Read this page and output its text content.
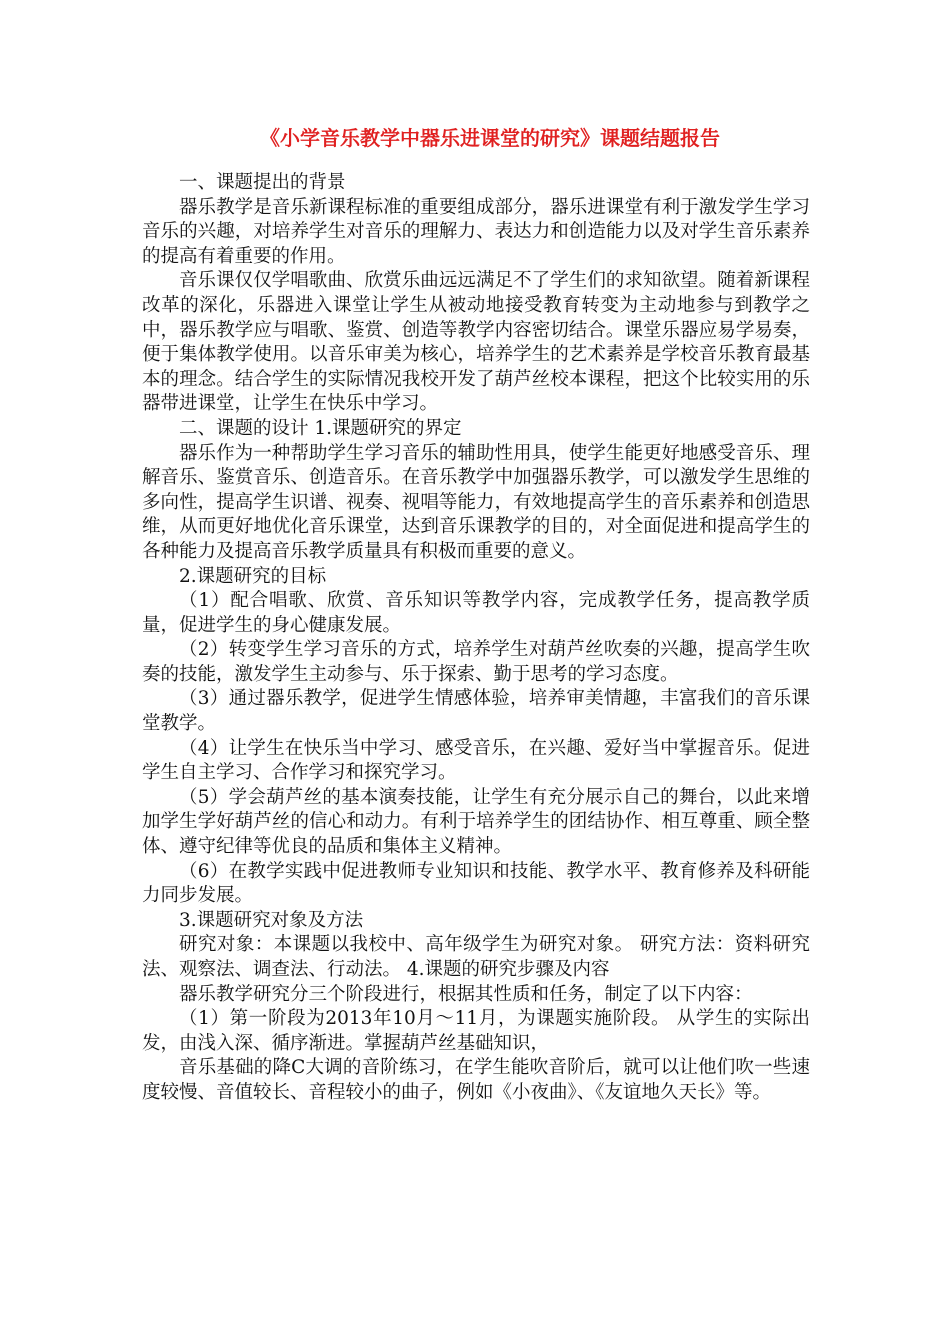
《小学音乐教学中器乐进课堂的研究》课题结题报告

一、课题提出的背景

器乐教学是音乐新课程标准的重要组成部分，器乐进课堂有利于激发学生学习音乐的兴趣，对培养学生对音乐的理解力、表达力和创造能力以及对学生音乐素养的提高有着重要的作用。

音乐课仅仅学唱歌曲、欣赏乐曲远远满足不了学生们的求知欲望。随着新课程改革的深化，乐器进入课堂让学生从被动地接受教育转变为主动地参与到教学之中，器乐教学应与唱歌、鉴赏、创造等教学内容密切结合。课堂乐器应易学易奏，便于集体教学使用。以音乐审美为核心，培养学生的艺术素养是学校音乐教育最基本的理念。结合学生的实际情况我校开发了葫芦丝校本课程，把这个比较实用的乐器带进课堂，让学生在快乐中学习。

二、课题的设计 1.课题研究的界定

器乐作为一种帮助学生学习音乐的辅助性用具，使学生能更好地感受音乐、理解音乐、鉴赏音乐、创造音乐。在音乐教学中加强器乐教学，可以激发学生思维的多向性，提高学生识谱、视奏、视唱等能力，有效地提高学生的音乐素养和创造思维，从而更好地优化音乐课堂，达到音乐课教学的目的，对全面促进和提高学生的各种能力及提高音乐教学质量具有积极而重要的意义。

2.课题研究的目标

（1）配合唱歌、欣赏、音乐知识等教学内容，完成教学任务，提高教学质量，促进学生的身心健康发展。

（2）转变学生学习音乐的方式，培养学生对葫芦丝吹奏的兴趣，提高学生吹奏的技能，激发学生主动参与、乐于探索、勤于思考的学习态度。

（3）通过器乐教学，促进学生情感体验，培养审美情趣，丰富我们的音乐课堂教学。

（4）让学生在快乐当中学习、感受音乐，在兴趣、爱好当中掌握音乐。促进学生自主学习、合作学习和探究学习。

（5）学会葫芦丝的基本演奏技能，让学生有充分展示自己的舞台，以此来增加学生学好葫芦丝的信心和动力。有利于培养学生的团结协作、相互尊重、顾全整体、遵守纪律等优良的品质和集体主义精神。

（6）在教学实践中促进教师专业知识和技能、教学水平、教育修养及科研能力同步发展。

3.课题研究对象及方法

研究对象：本课题以我校中、高年级学生为研究对象。 研究方法：资料研究法、观察法、调查法、行动法。 4.课题的研究步骤及内容

器乐教学研究分三个阶段进行，根据其性质和任务，制定了以下内容：

（1）第一阶段为2013年10月～11月，为课题实施阶段。 从学生的实际出发，由浅入深、循序渐进。掌握葫芦丝基础知识，

音乐基础的降C大调的音阶练习，在学生能吹音阶后，就可以让他们吹一些速度较慢、音值较长、音程较小的曲子，例如《小夜曲》、《友谊地久天长》等。
